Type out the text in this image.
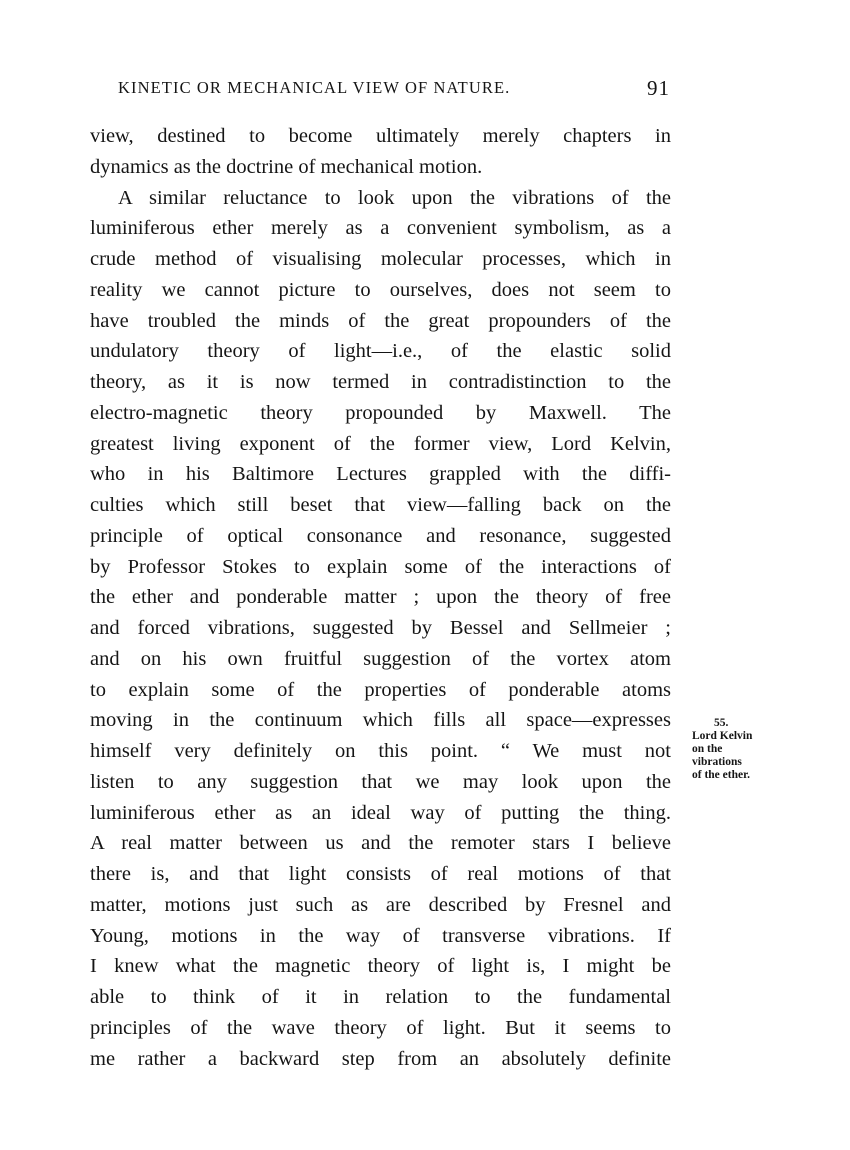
KINETIC OR MECHANICAL VIEW OF NATURE.	91
view, destined to become ultimately merely chapters in
dynamics as the doctrine of mechanical motion.
A similar reluctance to look upon the vibrations of the
luminiferous ether merely as a convenient symbolism, as a
crude method of visualising molecular processes, which in
reality we cannot picture to ourselves, does not seem to
have troubled the minds of the great propounders of the
undulatory theory of light—i.e., of the elastic solid
theory, as it is now termed in contradistinction to the
electro-magnetic theory propounded by Maxwell. The
greatest living exponent of the former view, Lord Kelvin,
who in his Baltimore Lectures grappled with the diffi-
culties which still beset that view—falling back on the
principle of optical consonance and resonance, suggested
by Professor Stokes to explain some of the interactions of
the ether and ponderable matter ; upon the theory of free
and forced vibrations, suggested by Bessel and Sellmeier ;
and on his own fruitful suggestion of the vortex atom
to explain some of the properties of ponderable atoms
moving in the continuum which fills all space—expresses
himself very definitely on this point. “ We must not
listen to any suggestion that we may look upon the
luminiferous ether as an ideal way of putting the thing.
A real matter between us and the remoter stars I believe
there is, and that light consists of real motions of that
matter, motions just such as are described by Fresnel and
Young, motions in the way of transverse vibrations. If
I knew what the magnetic theory of light is, I might be
able to think of it in relation to the fundamental
principles of the wave theory of light. But it seems to
me rather a backward step from an absolutely definite
55.
Lord Kelvin
on the
vibrations
of the ether.
